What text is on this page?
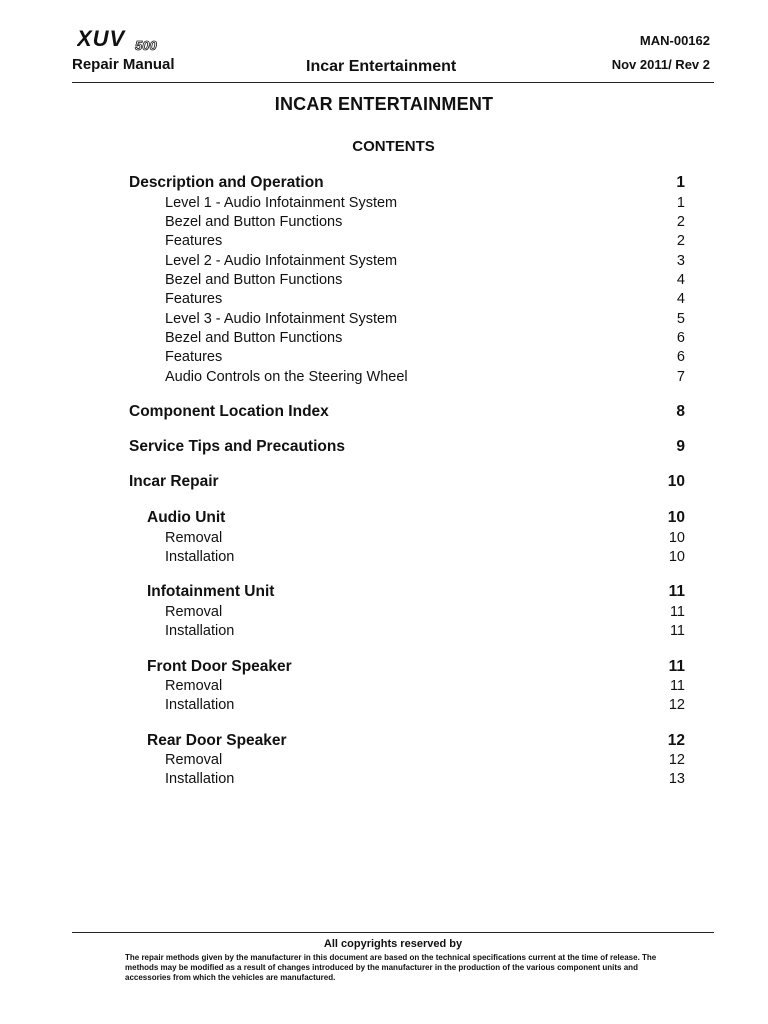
XUV 500
Repair Manual	Incar Entertainment
MAN-00162
Nov 2011/ Rev 2
INCAR ENTERTAINMENT
CONTENTS
Description and Operation	1
Level 1 - Audio Infotainment System	1
Bezel and Button Functions	2
Features	2
Level 2 - Audio Infotainment System	3
Bezel and Button Functions	4
Features	4
Level 3 - Audio Infotainment System	5
Bezel and Button Functions	6
Features	6
Audio Controls on the Steering Wheel	7
Component Location Index	8
Service Tips and Precautions	9
Incar Repair	10
Audio Unit	10
Removal	10
Installation	10
Infotainment Unit	11
Removal	11
Installation	11
Front Door Speaker	11
Removal	11
Installation	12
Rear Door Speaker	12
Removal	12
Installation	13
All copyrights reserved by
The repair methods given by the manufacturer in this document are based on the technical specifications current at the time of release. The methods may be modified as a result of changes introduced by the manufacturer in the production of the various component units and accessories from which the vehicles are manufactured.
